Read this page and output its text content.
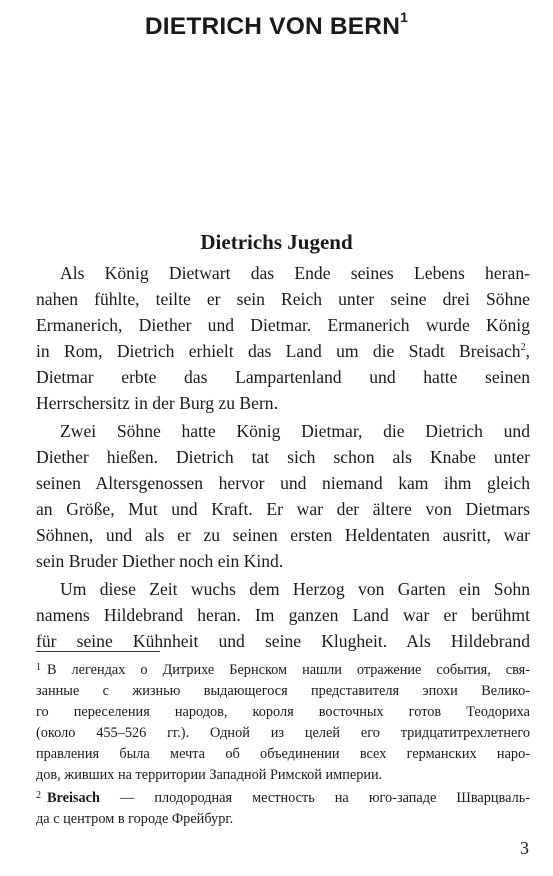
DIETRICH VON BERN$^1$
Dietrichs Jugend
Als König Dietwart das Ende seines Lebens heran-
nahen fühlte, teilte er sein Reich unter seine drei Söhne
Ermanerich, Diether und Dietmar. Ermanerich wurde König
in Rom, Dietrich erhielt das Land um die Stadt Breisach$^2$,
Dietmar erbte das Lampartenland und hatte seinen
Herrschersitz in der Burg zu Bern.
Zwei Söhne hatte König Dietmar, die Dietrich und
Diether hießen. Dietrich tat sich schon als Knabe unter
seinen Altersgenossen hervor und niemand kam ihm gleich
an Größe, Mut und Kraft. Er war der ältere von Dietmars
Söhnen, und als er zu seinen ersten Heldentaten ausritt, war
sein Bruder Diether noch ein Kind.
Um diese Zeit wuchs dem Herzog von Garten ein Sohn
namens Hildebrand heran. Im ganzen Land war er berühmt
für seine Kühnheit und seine Klugheit. Als Hildebrand
1 В легендах о Дитрихе Бернском нашли отражение события, свя-
занные с жизнью выдающегося представителя эпохи Велико-
го переселения народов, короля восточных готов Теодориха
(около 455–526 гг.). Одной из целей его тридцатитрехлетнего
правления была мечта об объединении всех германских наро-
дов, живших на территории Западной Римской империи.
2 Breisach — плодородная местность на юго-западе Шварцваль-
да с центром в городе Фрейбург.
3
